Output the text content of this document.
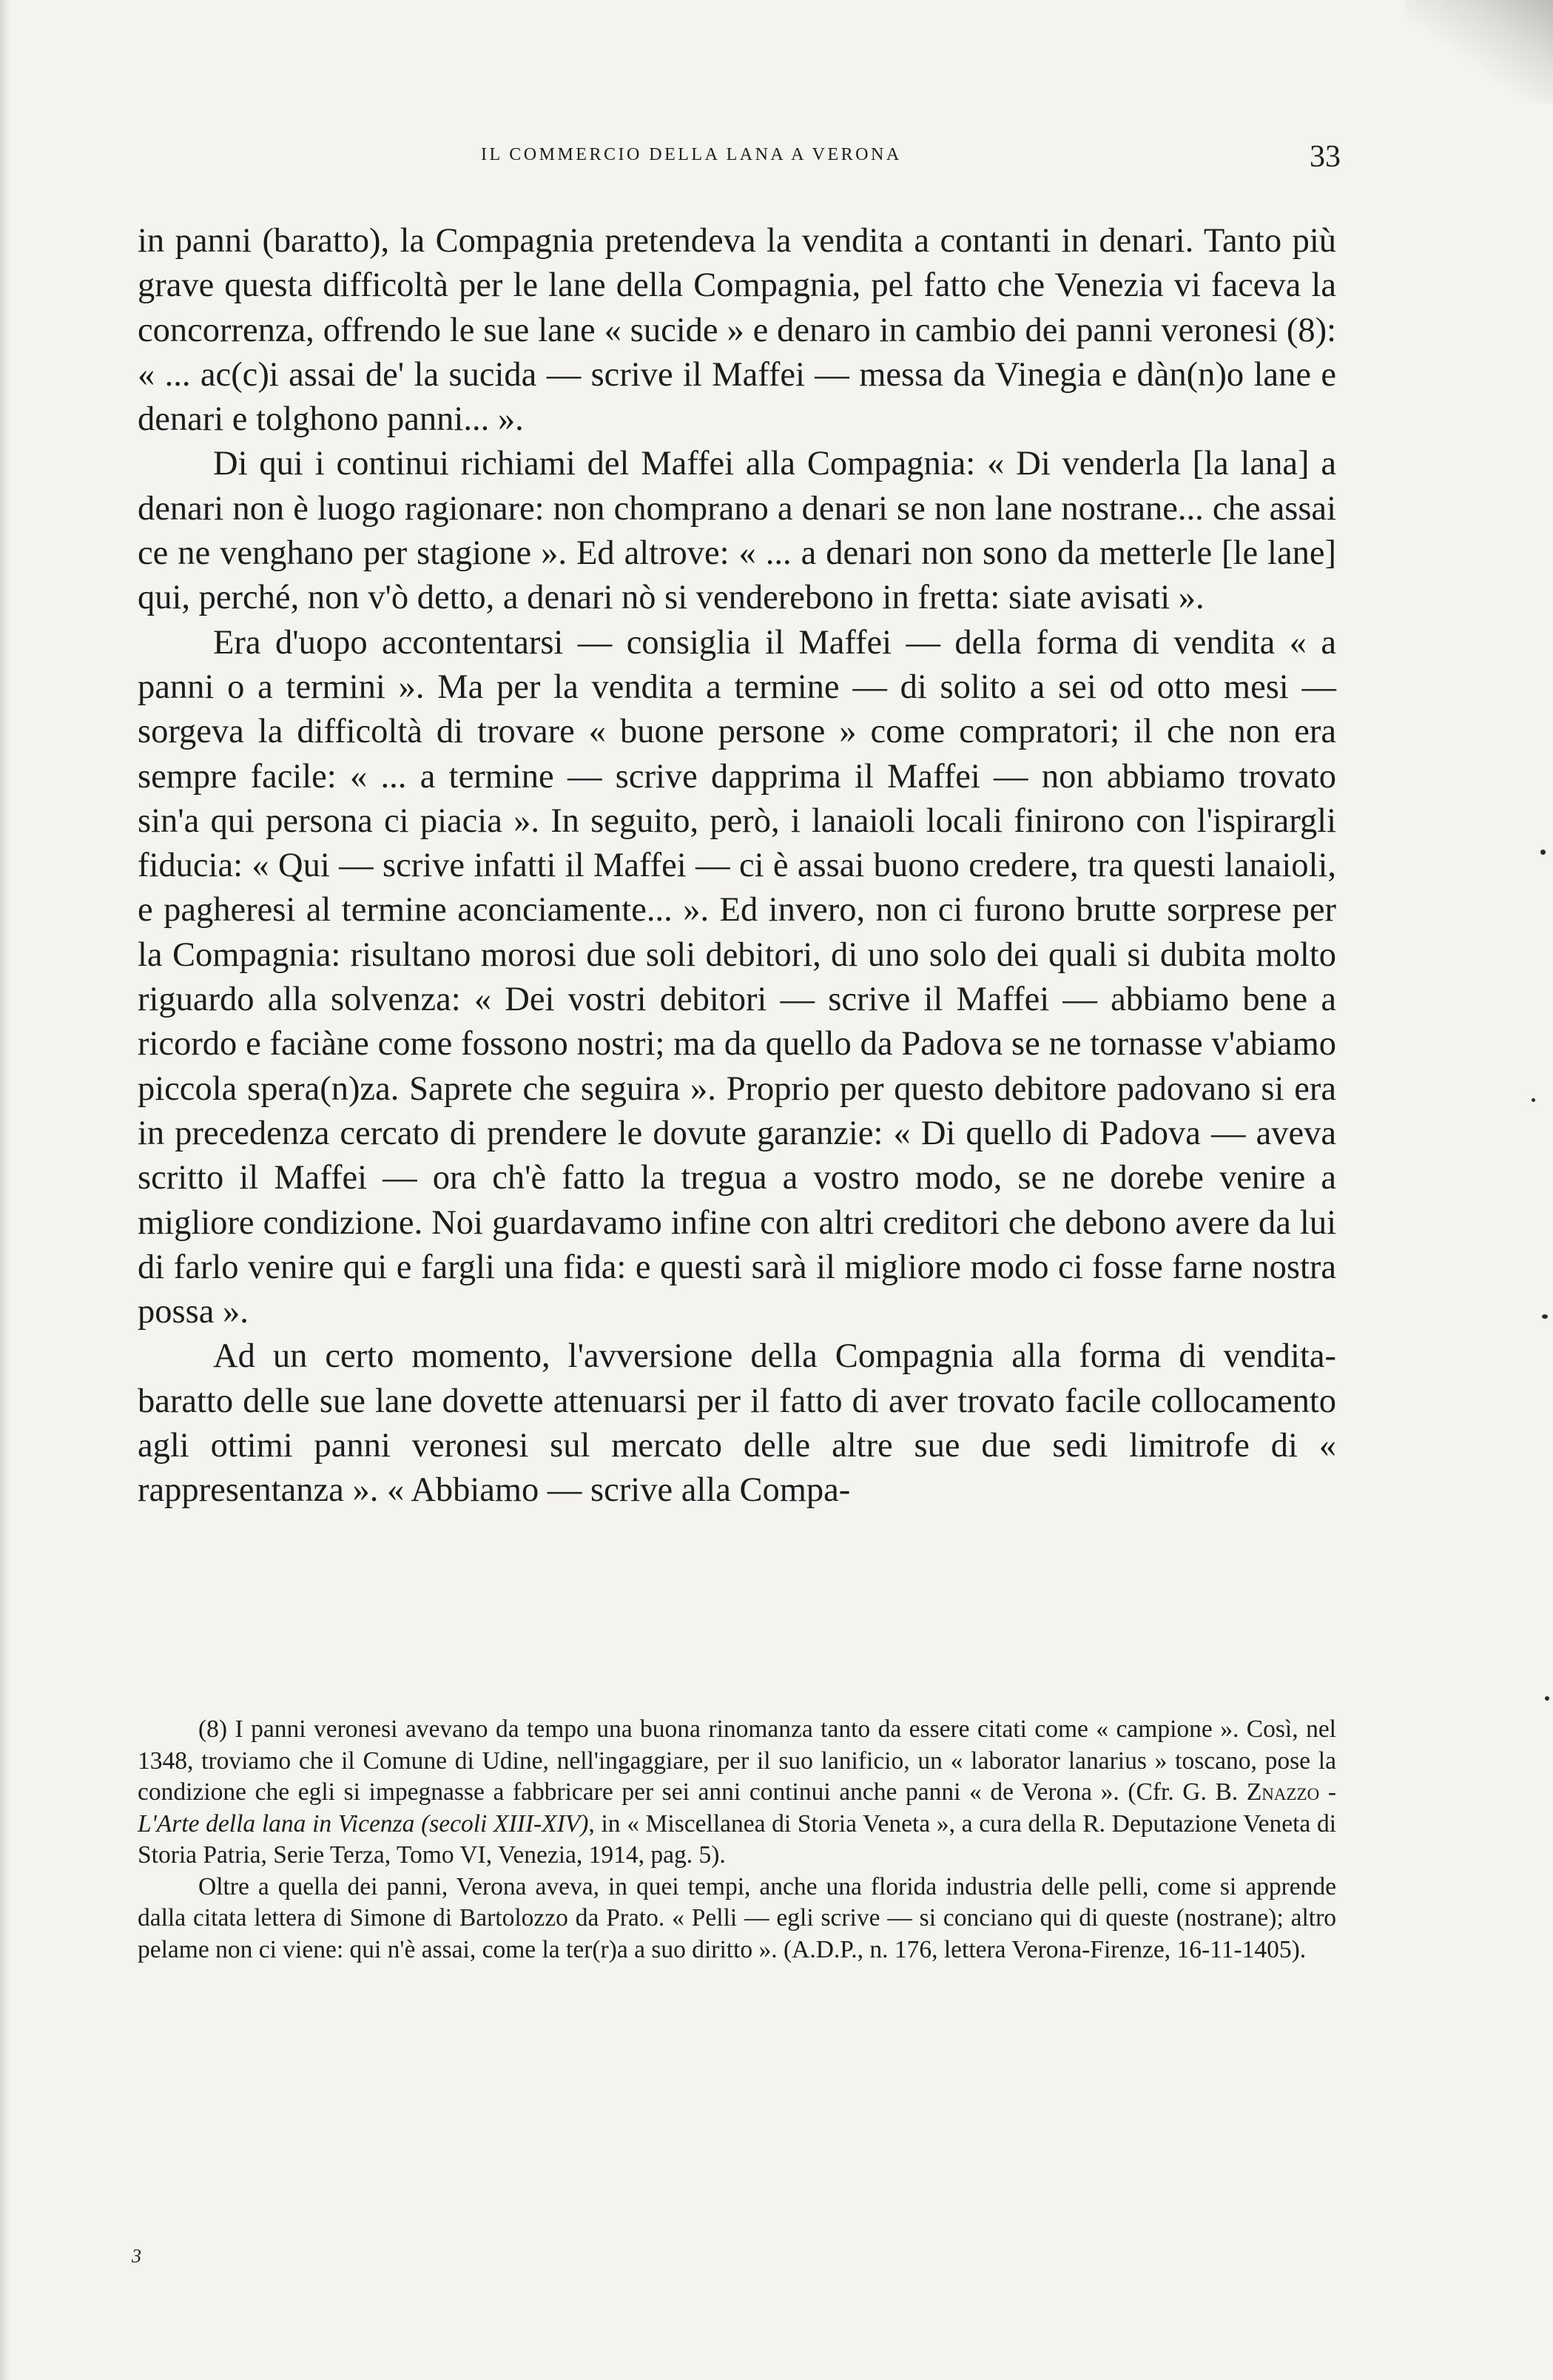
IL COMMERCIO DELLA LANA A VERONA	33

in panni (baratto), la Compagnia pretendeva la vendita a contanti in denari. Tanto più grave questa difficoltà per le lane della Compagnia, pel fatto che Venezia vi faceva la concorrenza, offrendo le sue lane « sucide » e denaro in cambio dei panni veronesi (8): « ... ac(c)i assai de' la sucida — scrive il Maffei — messa da Vinegia e dàn(n)o lane e denari e tolghono panni... ».

Di qui i continui richiami del Maffei alla Compagnia: « Di venderla [la lana] a denari non è luogo ragionare: non chomprano a denari se non lane nostrane... che assai ce ne venghano per stagione ». Ed altrove: « ... a denari non sono da metterle [le lane] qui, perché, non v'ò detto, a denari nò si venderebono in fretta: siate avisati ».

Era d'uopo accontentarsi — consiglia il Maffei — della forma di vendita « a panni o a termini ». Ma per la vendita a termine — di solito a sei od otto mesi — sorgeva la difficoltà di trovare « buone persone » come compratori; il che non era sempre facile: « ... a termine — scrive dapprima il Maffei — non abbiamo trovato sin'a qui persona ci piacia ». In seguito, però, i lanaioli locali finirono con l'ispirargli fiducia: « Qui — scrive infatti il Maffei — ci è assai buono credere, tra questi lanaioli, e pagheresi al termine aconciamente... ». Ed invero, non ci furono brutte sorprese per la Compagnia: risultano morosi due soli debitori, di uno solo dei quali si dubita molto riguardo alla solvenza: « Dei vostri debitori — scrive il Maffei — abbiamo bene a ricordo e faciàne come fossono nostri; ma da quello da Padova se ne tornasse v'abiamo piccola spera(n)za. Saprete che seguira ». Proprio per questo debitore padovano si era in precedenza cercato di prendere le dovute garanzie: « Di quello di Padova — aveva scritto il Maffei — ora ch'è fatto la tregua a vostro modo, se ne dorebe venire a migliore condizione. Noi guardavamo infine con altri creditori che debono avere da lui di farlo venire qui e fargli una fida: e questi sarà il migliore modo ci fosse farne nostra possa ».

Ad un certo momento, l'avversione della Compagnia alla forma di vendita-baratto delle sue lane dovette attenuarsi per il fatto di aver trovato facile collocamento agli ottimi panni veronesi sul mercato delle altre sue due sedi limitrofe di « rappresentanza ». « Abbiamo — scrive alla Compa-

(8) I panni veronesi avevano da tempo una buona rinomanza tanto da essere citati come « campione ». Così, nel 1348, troviamo che il Comune di Udine, nell'ingaggiare, per il suo lanificio, un « laborator lanarius » toscano, pose la condizione che egli si impegnasse a fabbricare per sei anni continui anche panni « de Verona ». (Cfr. G. B. Znazzo - L'Arte della lana in Vicenza (secoli XIII-XIV), in « Miscellanea di Storia Veneta », a cura della R. Deputazione Veneta di Storia Patria, Serie Terza, Tomo VI, Venezia, 1914, pag. 5).

Oltre a quella dei panni, Verona aveva, in quei tempi, anche una florida industria delle pelli, come si apprende dalla citata lettera di Simone di Bartolozzo da Prato. « Pelli — egli scrive — si conciano qui di queste (nostrane); altro pelame non ci viene: qui n'è assai, come la ter(r)a a suo diritto ». (A.D.P., n. 176, lettera Verona-Firenze, 16-11-1405).

3
